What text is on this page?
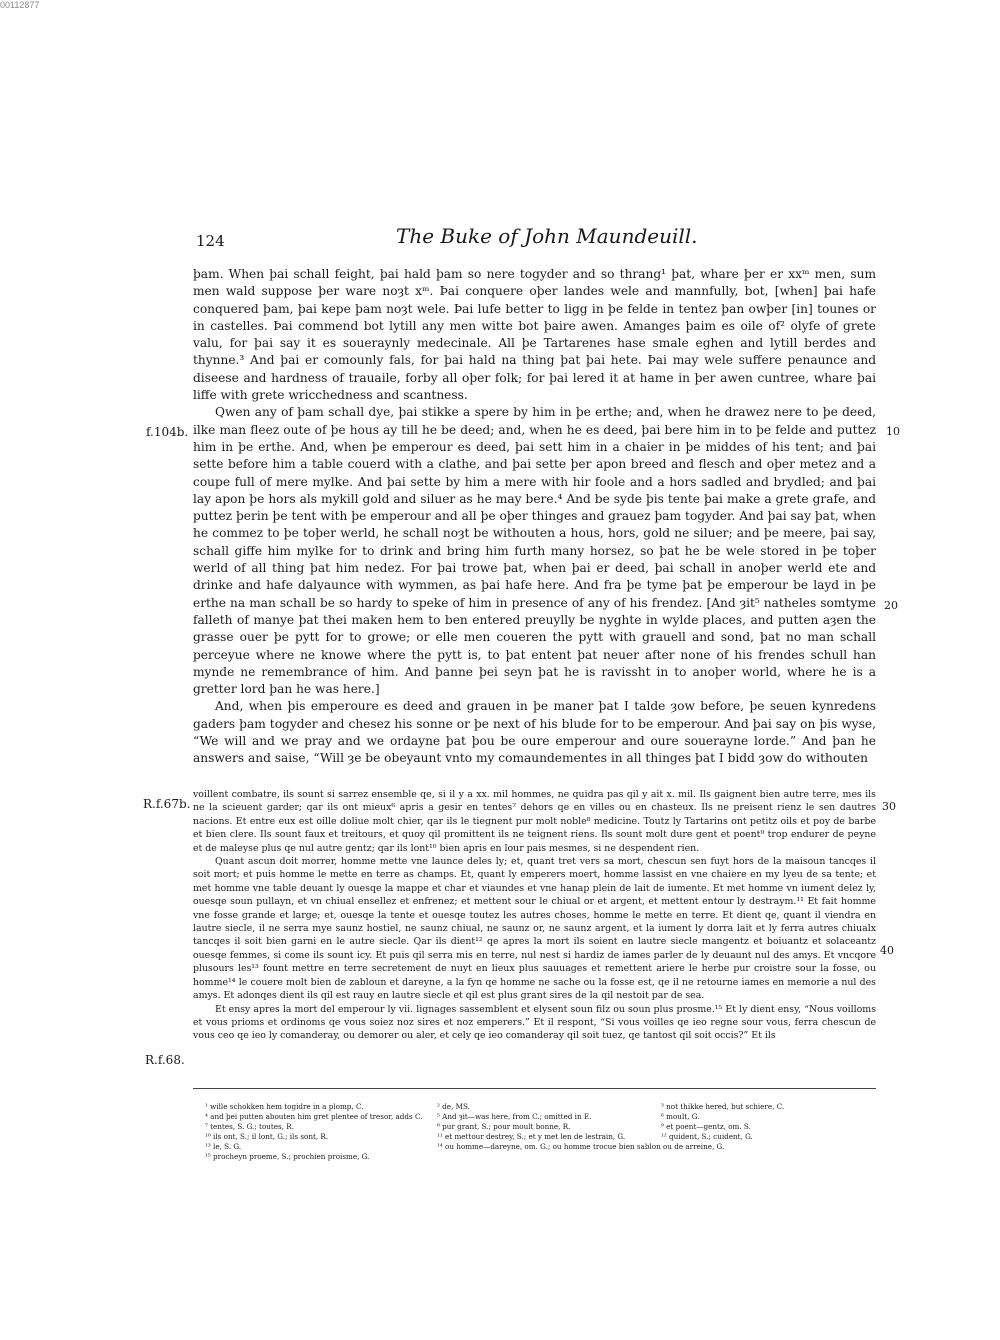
00112877
124	The Buke of John Maundeuill.

þam. When þai schall feight, þai hald þam so nere togyder and so thrang¹ þat, whare þer er xxᵐ men, sum men wald suppose þer ware noȝt xᵐ. Þai conquere oþer landes wele and mannfully, bot, [when] þai hafe conquered þam, þai kepe þam noȝt wele. Þai lufe better to ligg in þe felde in tentez þan owþer [in] tounes or in castelles. Þai commend bot lytill any men witte bot þaire awen. Amanges þaim es oile of² olyfe of grete valu, for þai say it es soueraynly medecinale. All þe Tartarenes hase smale eghen and lytill berdes and thynne.³ And þai er comounly fals, for þai hald na thing þat þai hete. Þai may wele suffere penaunce and diseese and hardness of trauaile, forby all oþer folk; for þai lered it at hame in þer awen cuntree, whare þai liffe with grete wricchedness and scantness.

Qwen any of þam schall dye, þai stikke a spere by him in þe erthe; and, when he drawez nere to þe deed, ilke man fleez oute of þe hous ay till he be deed; and, when he es deed, þai bere him in to þe felde and puttez him in þe erthe. And, when þe emperour es deed, þai sett him in a chaier in þe middes of his tent; and þai sette before him a table couerd with a clathe, and þai sette þer apon breed and flesch and oþer metez and a coupe full of mere mylke. And þai sette by him a mere with hir foole and a hors sadled and brydled; and þai lay apon þe hors als mykill gold and siluer as he may bere.⁴ And be syde þis tente þai make a grete grafe, and puttez þerin þe tent with þe emperour and all þe oþer thinges and grauez þam togyder. And þai say þat, when he commez to þe toþer werld, he schall noȝt be withouten a hous, hors, gold ne siluer; and þe meere, þai say, schall giffe him mylke for to drink and bring him furth many horsez, so þat he be wele stored in þe toþer werld of all thing þat him nedez. For þai trowe þat, when þai er deed, þai schall in anoþer werld ete and drinke and hafe dalyaunce with wymmen, as þai hafe here. And fra þe tyme þat þe emperour be layd in þe erthe na man schall be so hardy to speke of him in presence of any of his frendez. [And ȝit⁵ natheles somtyme falleth of manye þat thei maken hem to ben entered preuylly be nyghte in wylde places, and putten aȝen the grasse ouer þe pytt for to growe; or elle men coueren the pytt with grauell and sond, þat no man schall perceyue where ne knowe where the pytt is, to þat entent þat neuer after none of his frendes schull han mynde ne remembrance of him. And þanne þei seyn þat he is ravissht in to anoþer world, where he is a gretter lord þan he was here.]

And, when þis emperoure es deed and grauen in þe maner þat I talde ȝow before, þe seuen kynredens gaders þam togyder and chesez his sonne or þe next of his blude for to be emperour. And þai say on þis wyse, “We will and we pray and we ordayne þat þou be oure emperour and oure souerayne lorde.” And þan he answers and saise, “Will ȝe be obeyaunt vnto my comaundementes in all thinges þat I bidd ȝow do withouten

f.104b.	10
20

voillent combatre, ils sount si sarrez ensemble qe, si il y a xx. mil hommes, ne quidra pas qil y ait x. mil. Ils gaignent bien autre terre, mes ils ne la scieuent garder; qar ils ont mieux⁶ apris a gesir en tentes⁷ dehors qe en villes ou en chasteux. Ils ne preisent rienz le sen dautres nacions. Et entre eux est oille doliue molt chier, qar ils le tiegnent pur molt noble⁸ medicine. Toutz ly Tartarins ont petitz oils et poy de barbe et bien clere. Ils sount faux et treitours, et quoy qil promittent ils ne teignent riens. Ils sount molt dure gent et poent⁹ trop endurer de peyne et de maleyse plus qe nul autre gentz; qar ils lont¹⁰ bien apris en lour pais mesmes, si ne despendent rien.

Quant ascun doit morrer, homme mette vne launce deles ly; et, quant tret vers sa mort, chescun sen fuyt hors de la maisoun tancqes il soit mort; et puis homme le mette en terre as champs. Et, quant ly emperers moert, homme lassist en vne chaiere en my lyeu de sa tente; et met homme vne table deuant ly ouesqe la mappe et char et viaundes et vne hanap plein de lait de iumente. Et met homme vn iument delez ly, ouesqe soun pullayn, et vn chiual ensellez et enfrenez; et mettent sour le chiual or et argent, et mettent entour ly destraym.¹¹ Et fait homme vne fosse grande et large; et, ouesqe la tente et ouesqe toutez les autres choses, homme le mette en terre. Et dient qe, quant il viendra en lautre siecle, il ne serra mye saunz hostiel, ne saunz chiual, ne saunz or, ne saunz argent, et la iument ly dorra lait et ly ferra autres chiualx tancqes il soit bien garni en le autre siecle. Qar ils dient¹² qe apres la mort ils soient en lautre siecle mangentz et boiuantz et solaceantz ouesqe femmes, si come ils sount icy. Et puis qil serra mis en terre, nul nest si hardiz de iames parler de ly deuaunt nul des amys. Et vncqore plusours les¹³ fount mettre en terre secretement de nuyt en lieux plus sauuages et remettent ariere le herbe pur croistre sour la fosse, ou homme¹⁴ le couere molt bien de zabloun et dareyne, a la fyn qe homme ne sache ou la fosse est, qe il ne retourne iames en memorie a nul des amys. Et adonqes dient ils qil est rauy en lautre siecle et qil est plus grant sires de la qil nestoit par de sea.

Et ensy apres la mort del emperour ly vii. lignages sassemblent et elysent soun filz ou soun plus prosme.¹⁵ Et ly dient ensy, “Nous voilloms et vous prioms et ordinoms qe vous soiez noz sires et noz emperers.” Et il respont, “Si vous voilles qe ieo regne sour vous, ferra chescun de vous ceo qe ieo ly comanderay, ou demorer ou aler, et cely qe ieo comanderay qil soit tuez, qe tantost qil soit occis?” Et ils

R.f.67b.	30
40
R.f.68.
¹ wille schokken hem togidre in a plomp, C.
⁴ and þei putten abouten him gret plentee of tresor, adds C.
⁷ tentes, S. G.; toutes, R.
¹⁰ ils ont, S.; il lont, G.; ils sont, R.
¹³ le, S. G.
¹⁵ procheyn proeme, S.; prochien proisme, G.
² de, MS.
⁵ And ȝit—was here, from C.; omitted in E.
⁸ pur grant, S.; pour moult bonne, R.
¹¹ et mettour destrey, S.; et y met len de lestrain, G.
¹⁴ ou homme—dareyne, om. G.; ou homme trocue bien sablon ou de arreine, G.
³ not thikke hered, but schiere, C.
⁶ moult, G.
⁹ et poent—gentz, om. S.
¹² quident, S.; cuident, G.
